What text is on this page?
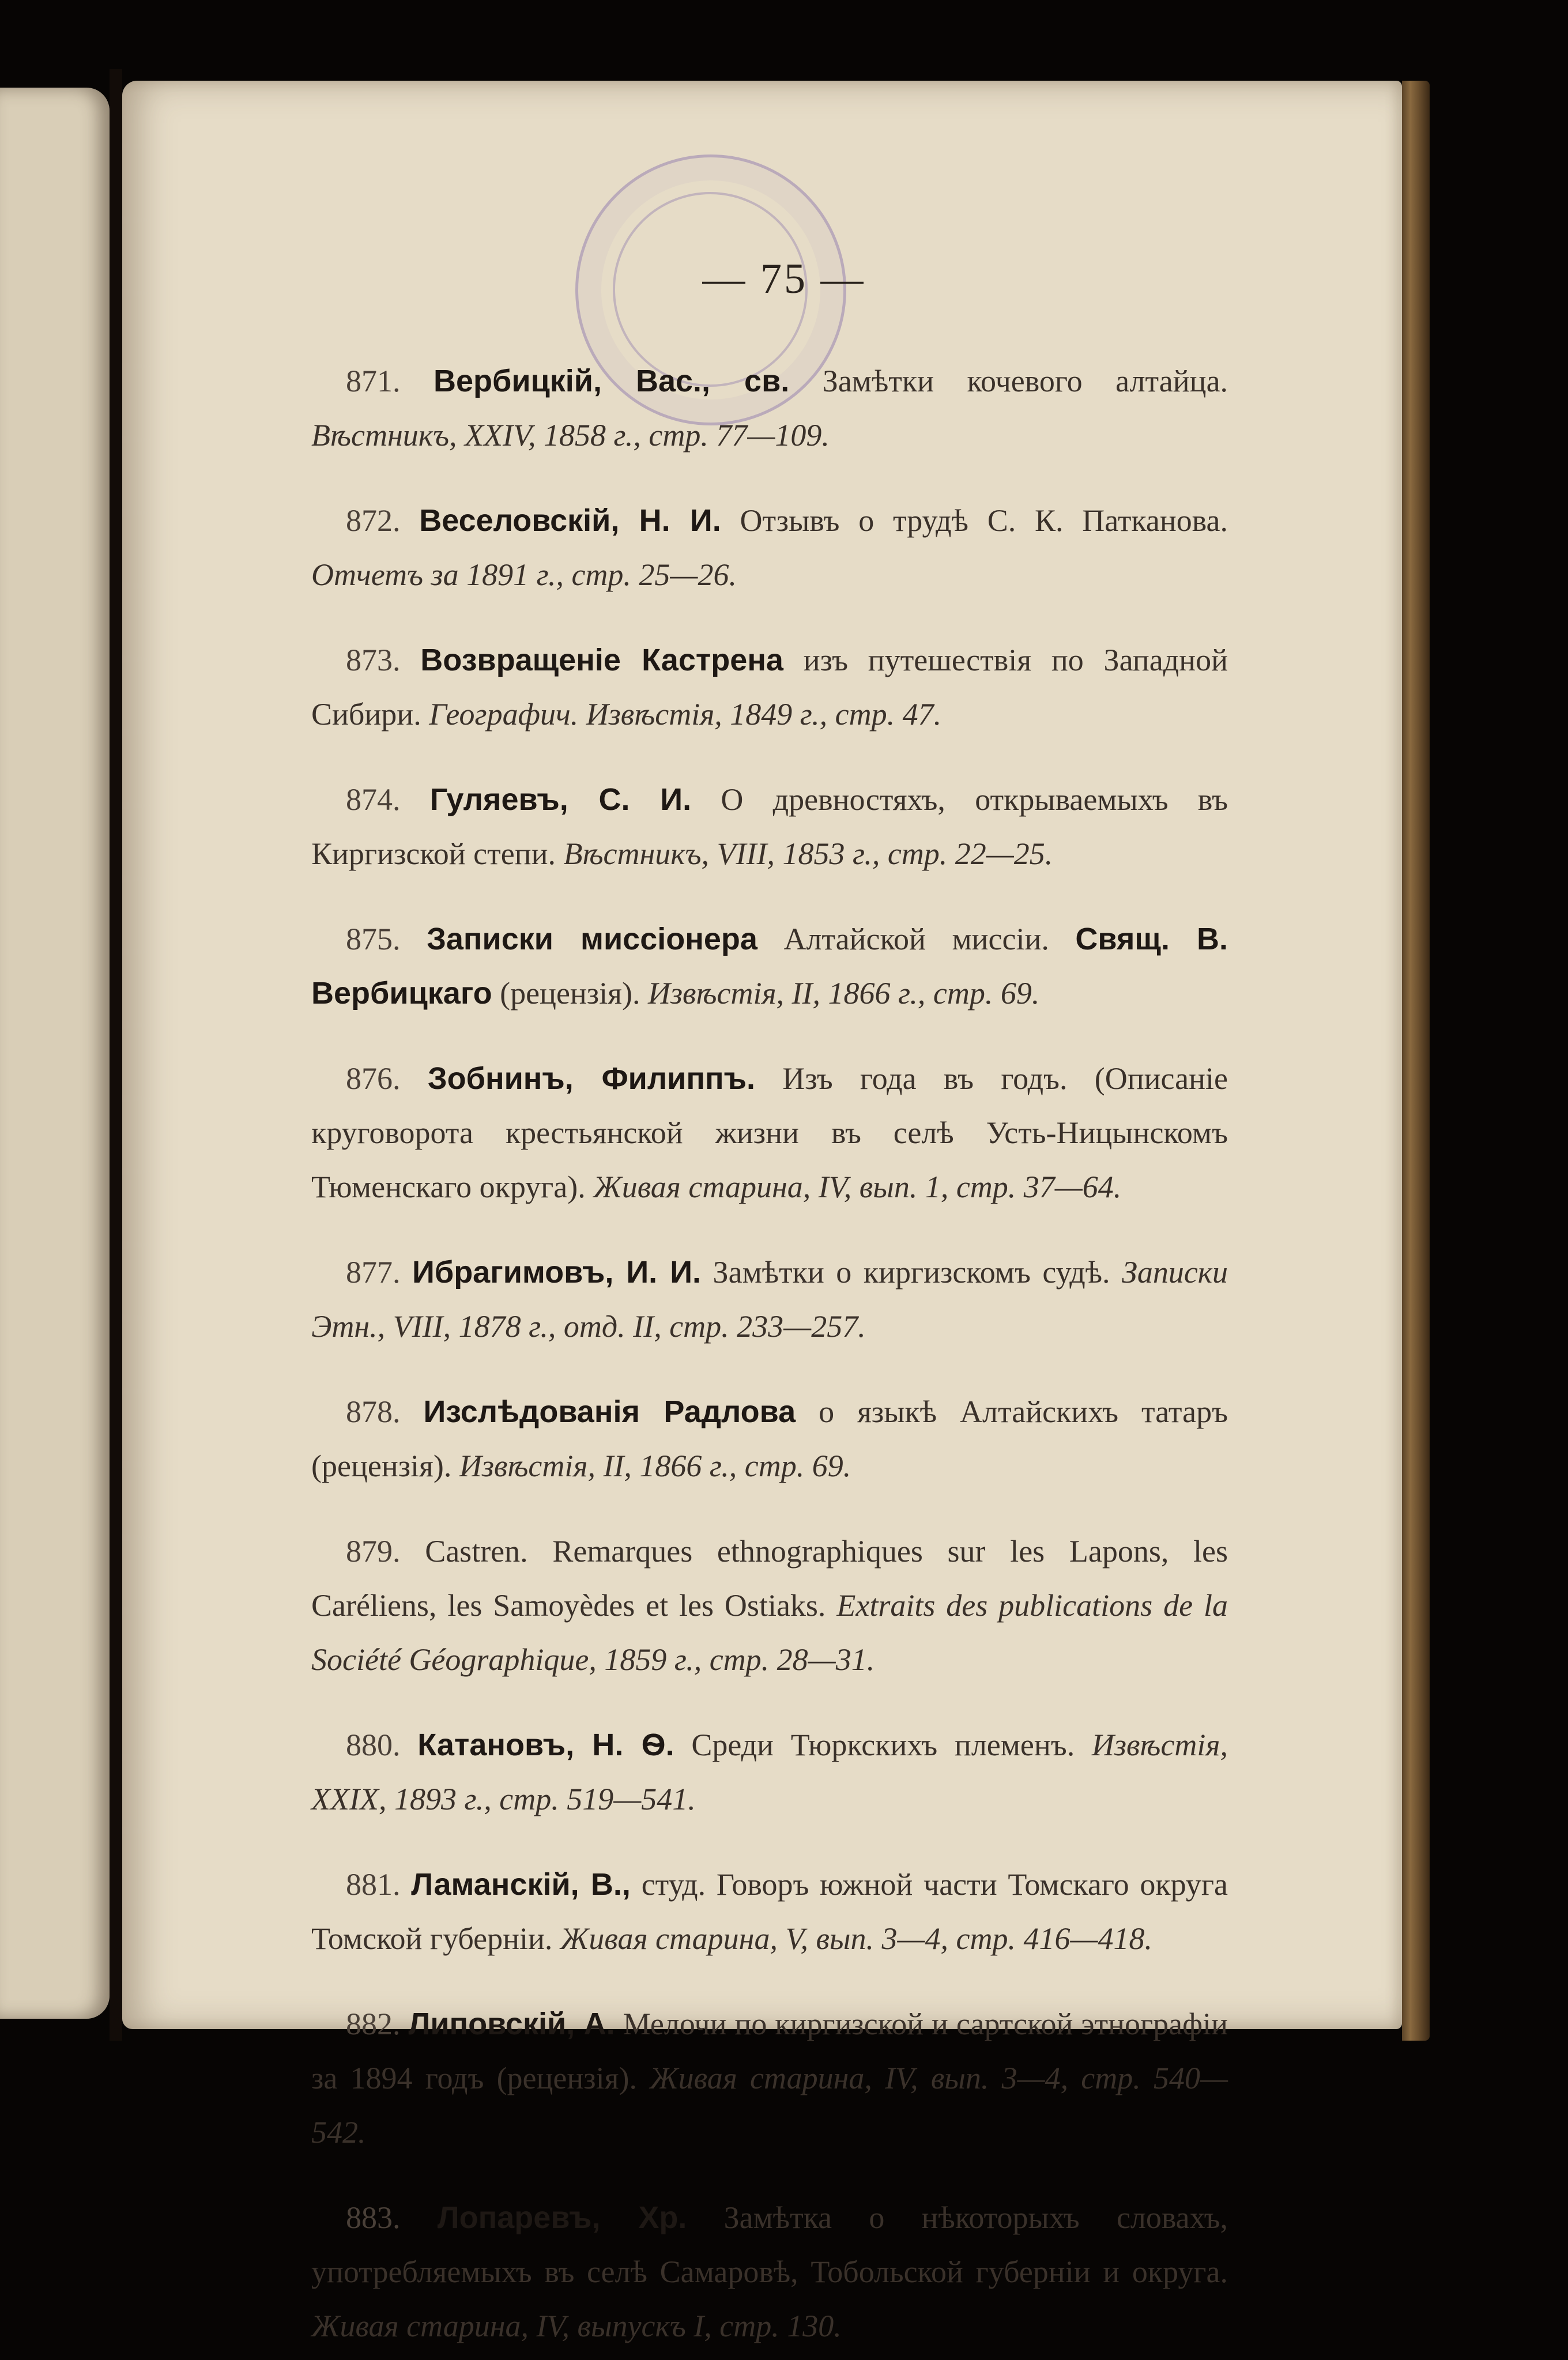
— 75 —

871. Вербицкій, Вас., св. Замѣтки кочевого алтайца. Вѣстникъ, XXIV, 1858 г., стр. 77—109.

872. Веселовскій, Н. И. Отзывъ о трудѣ С. К. Патканова. Отчетъ за 1891 г., стр. 25—26.

873. Возвращеніе Кастрена изъ путешествія по Западной Сибири. Географич. Извѣстія, 1849 г., стр. 47.

874. Гуляевъ, С. И. О древностяхъ, открываемыхъ въ Киргизской степи. Вѣстникъ, VIII, 1853 г., стр. 22—25.

875. Записки миссіонера Алтайской миссіи. Свящ. В. Вербицкаго (рецензія). Извѣстія, II, 1866 г., стр. 69.

876. Зобнинъ, Филиппъ. Изъ года въ годъ. (Описаніе круговорота крестьянской жизни въ селѣ Усть-Ницынскомъ Тюменскаго округа). Живая старина, IV, вып. 1, стр. 37—64.

877. Ибрагимовъ, И. И. Замѣтки о киргизскомъ судѣ. Записки Этн., VIII, 1878 г., отд. II, стр. 233—257.

878. Изслѣдованія Радлова о языкѣ Алтайскихъ татаръ (рецензія). Извѣстія, II, 1866 г., стр. 69.

879. Castren. Remarques ethnographiques sur les Lapons, les Caréliens, les Samoyèdes et les Ostiaks. Extraits des publications de la Société Géographique, 1859 г., стр. 28—31.

880. Катановъ, Н. Ѳ. Среди Тюркскихъ племенъ. Извѣстія, XXIX, 1893 г., стр. 519—541.

881. Ламанскій, В., студ. Говоръ южной части Томскаго округа Томской губерніи. Живая старина, V, вып. 3—4, стр. 416—418.

882. Липовскій, А. Мелочи по киргизской и сартской этнографіи за 1894 годъ (рецензія). Живая старина, IV, вып. 3—4, стр. 540—542.

883. Лопаревъ, Хр. Замѣтка о нѣкоторыхъ словахъ, употребляемыхъ въ селѣ Самаровѣ, Тобольской губерніи и округа. Живая старина, IV, выпускъ I, стр. 130.
